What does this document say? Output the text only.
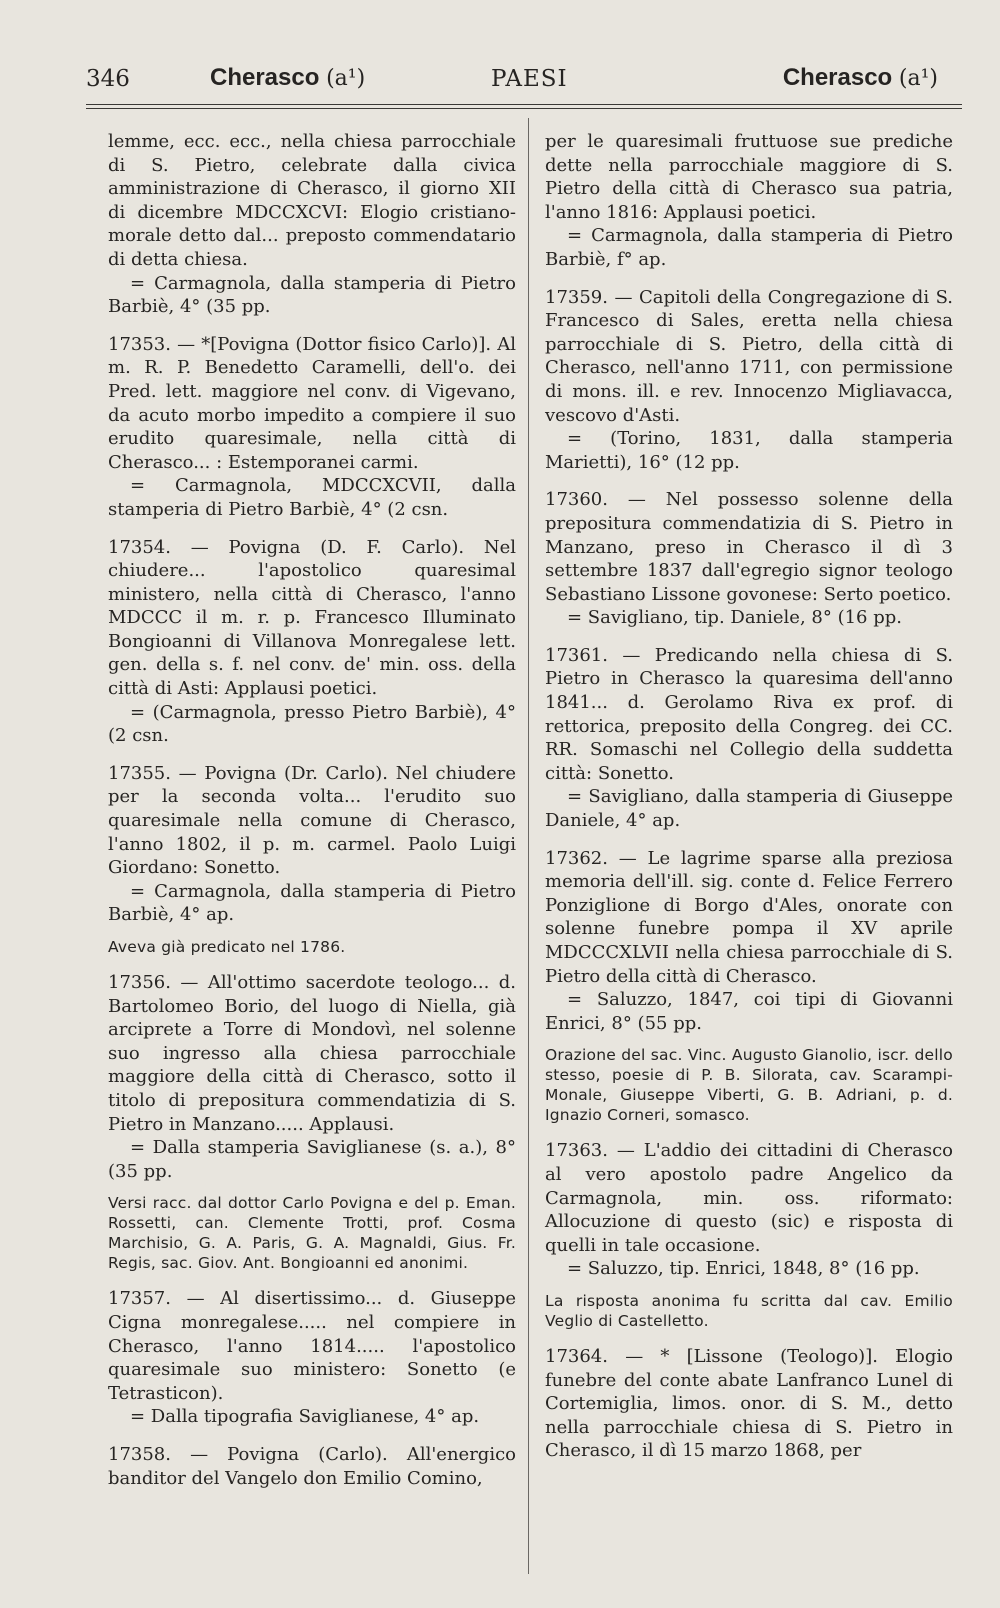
346	Cherasco (a¹)	PAESI	Cherasco (a¹)

lemme, ecc. ecc., nella chiesa parrocchiale di S. Pietro, celebrate dalla civica amministrazione di Cherasco, il giorno XII di dicembre MDCCXCVI: Elogio cristiano-morale detto dal... preposto commendatario di detta chiesa.

= Carmagnola, dalla stamperia di Pietro Barbiè, 4° (35 pp.

17353. — *[Povigna (Dottor fisico Carlo)]. Al m. R. P. Benedetto Caramelli, dell'o. dei Pred. lett. maggiore nel conv. di Vigevano, da acuto morbo impedito a compiere il suo erudito quaresimale, nella città di Cherasco... : Estemporanei carmi.

= Carmagnola, MDCCXCVII, dalla stamperia di Pietro Barbiè, 4° (2 csn.

17354. — Povigna (D. F. Carlo). Nel chiudere... l'apostolico quaresimal ministero, nella città di Cherasco, l'anno MDCCC il m. r. p. Francesco Illuminato Bongioanni di Villanova Monregalese lett. gen. della s. f. nel conv. de' min. oss. della città di Asti: Applausi poetici.

= (Carmagnola, presso Pietro Barbiè), 4° (2 csn.

17355. — Povigna (Dr. Carlo). Nel chiudere per la seconda volta... l'erudito suo quaresimale nella comune di Cherasco, l'anno 1802, il p. m. carmel. Paolo Luigi Giordano: Sonetto.

= Carmagnola, dalla stamperia di Pietro Barbiè, 4° ap.

Aveva già predicato nel 1786.

17356. — All'ottimo sacerdote teologo... d. Bartolomeo Borio, del luogo di Niella, già arciprete a Torre di Mondovì, nel solenne suo ingresso alla chiesa parrocchiale maggiore della città di Cherasco, sotto il titolo di prepositura commendatizia di S. Pietro in Manzano..... Applausi.

= Dalla stamperia Saviglianese (s. a.), 8° (35 pp.

Versi racc. dal dottor Carlo Povigna e del p. Eman. Rossetti, can. Clemente Trotti, prof. Cosma Marchisio, G. A. Paris, G. A. Magnaldi, Gius. Fr. Regis, sac. Giov. Ant. Bongioanni ed anonimi.

17357. — Al disertissimo... d. Giuseppe Cigna monregalese..... nel compiere in Cherasco, l'anno 1814..... l'apostolico quaresimale suo ministero: Sonetto (e Tetrasticon).

= Dalla tipografia Saviglianese, 4° ap.

17358. — Povigna (Carlo). All'energico banditor del Vangelo don Emilio Comino,

per le quaresimali fruttuose sue prediche dette nella parrocchiale maggiore di S. Pietro della città di Cherasco sua patria, l'anno 1816: Applausi poetici.

= Carmagnola, dalla stamperia di Pietro Barbiè, f° ap.

17359. — Capitoli della Congregazione di S. Francesco di Sales, eretta nella chiesa parrocchiale di S. Pietro, della città di Cherasco, nell'anno 1711, con permissione di mons. ill. e rev. Innocenzo Migliavacca, vescovo d'Asti.

= (Torino, 1831, dalla stamperia Marietti), 16° (12 pp.

17360. — Nel possesso solenne della prepositura commendatizia di S. Pietro in Manzano, preso in Cherasco il dì 3 settembre 1837 dall'egregio signor teologo Sebastiano Lissone govonese: Serto poetico.

= Savigliano, tip. Daniele, 8° (16 pp.

17361. — Predicando nella chiesa di S. Pietro in Cherasco la quaresima dell'anno 1841... d. Gerolamo Riva ex prof. di rettorica, preposito della Congreg. dei CC. RR. Somaschi nel Collegio della suddetta città: Sonetto.

= Savigliano, dalla stamperia di Giuseppe Daniele, 4° ap.

17362. — Le lagrime sparse alla preziosa memoria dell'ill. sig. conte d. Felice Ferrero Ponziglione di Borgo d'Ales, onorate con solenne funebre pompa il XV aprile MDCCCXLVII nella chiesa parrocchiale di S. Pietro della città di Cherasco.

= Saluzzo, 1847, coi tipi di Giovanni Enrici, 8° (55 pp.

Orazione del sac. Vinc. Augusto Gianolio, iscr. dello stesso, poesie di P. B. Silorata, cav. Scarampi-Monale, Giuseppe Viberti, G. B. Adriani, p. d. Ignazio Corneri, somasco.

17363. — L'addio dei cittadini di Cherasco al vero apostolo padre Angelico da Carmagnola, min. oss. riformato: Allocuzione di questo (sic) e risposta di quelli in tale occasione.

= Saluzzo, tip. Enrici, 1848, 8° (16 pp.

La risposta anonima fu scritta dal cav. Emilio Veglio di Castelletto.

17364. — * [Lissone (Teologo)]. Elogio funebre del conte abate Lanfranco Lunel di Cortemiglia, limos. onor. di S. M., detto nella parrocchiale chiesa di S. Pietro in Cherasco, il dì 15 marzo 1868, per
